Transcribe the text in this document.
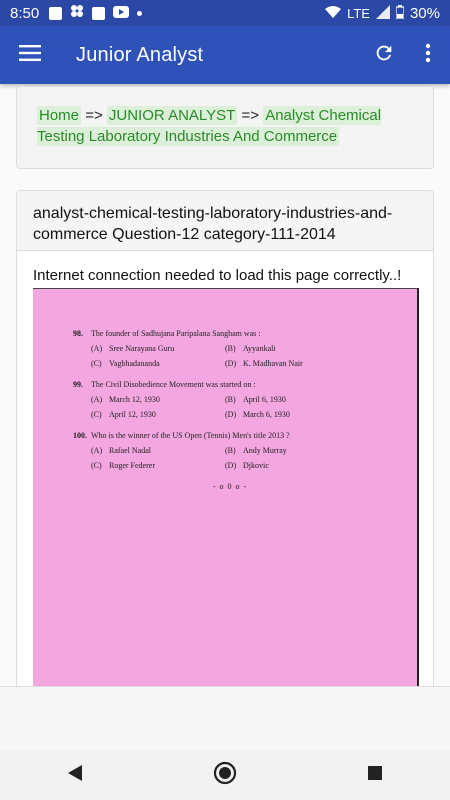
8:50	LTE	30%
Junior Analyst
Home => JUNIOR ANALYST => Analyst Chemical Testing Laboratory Industries And Commerce
analyst-chemical-testing-laboratory-industries-and-commerce Question-12 category-111-2014
Internet connection needed to load this page correctly..!
98.	The founder of Sadhujana Paripalana Sangham was :
(A) Sree Narayana Guru	(B) Ayyankali
(C) Vagbhadananda	(D) K. Madhavan Nair
99.	The Civil Disobedience Movement was started on :
(A) March 12, 1930	(B) April 6, 1930
(C) April 12, 1930	(D) March 6, 1930
100. Who is the winner of the US Open (Tennis) Men's title 2013 ?
(A) Rafael Nadal	(B) Andy Murray
(C) Roger Federer	(D) Djkovic
- o 0 o -
